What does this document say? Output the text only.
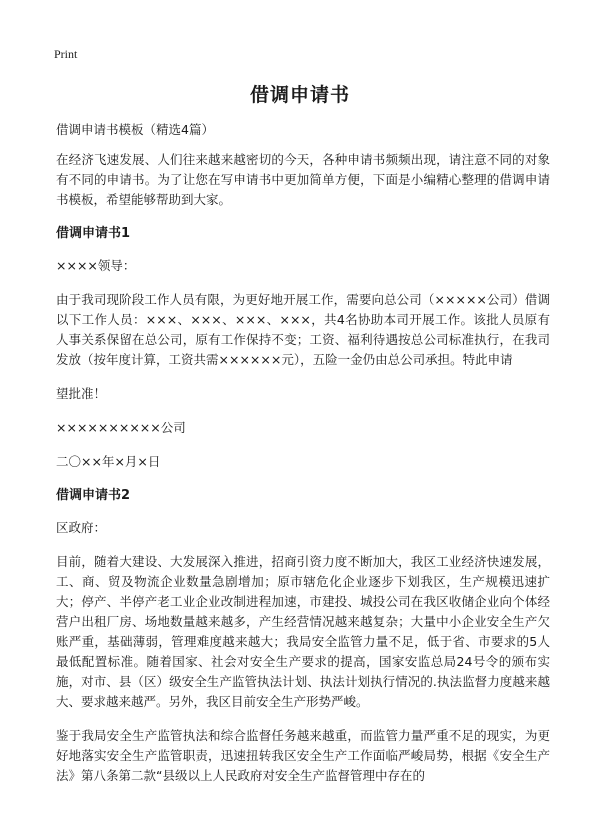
Print
借调申请书

借调申请书模板（精选4篇）

在经济飞速发展、人们往来越来越密切的今天，各种申请书频频出现，请注意不同的对象有不同的申请书。为了让您在写申请书中更加简单方便，下面是小编精心整理的借调申请书模板，希望能够帮助到大家。

借调申请书1

××××领导：

由于我司现阶段工作人员有限，为更好地开展工作，需要向总公司（×××××公司）借调以下工作人员：×××、×××、×××、×××，共4名协助本司开展工作。该批人员原有人事关系保留在总公司，原有工作保持不变；工资、福利待遇按总公司标准执行，在我司发放（按年度计算，工资共需××××××元），五险一金仍由总公司承担。特此申请

望批准！

××××××××××公司

二〇××年×月×日

借调申请书2

区政府：

目前，随着大建设、大发展深入推进，招商引资力度不断加大，我区工业经济快速发展，工、商、贸及物流企业数量急剧增加；原市辖危化企业逐步下划我区，生产规模迅速扩大；停产、半停产老工业企业改制进程加速，市建投、城投公司在我区收储企业向个体经营户出租厂房、场地数量越来越多，产生经营情况越来越复杂；大量中小企业安全生产欠账严重，基础薄弱，管理难度越来越大；我局安全监管力量不足，低于省、市要求的5人最低配置标准。随着国家、社会对安全生产要求的提高，国家安监总局24号令的颁布实施，对市、县（区）级安全生产监管执法计划、执法计划执行情况的.执法监督力度越来越大、要求越来越严。另外，我区目前安全生产形势严峻。

鉴于我局安全生产监管执法和综合监督任务越来越重，而监管力量严重不足的现实，为更好地落实安全生产监管职责，迅速扭转我区安全生产工作面临严峻局势，根据《安全生产法》第八条第二款“县级以上人民政府对安全生产监督管理中存在的
